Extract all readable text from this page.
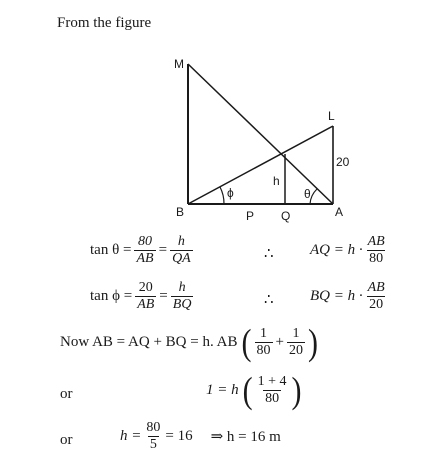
From the figure
M
L
B	P Q	A
h
20
ϕ	θ
$\tan \theta = \frac{80}{AB} = \frac{h}{QA}$	∴ AQ = $h \cdot \frac{AB}{80}$
$\tan \phi = \frac{20}{AB} = \frac{h}{BQ}$	∴ BQ = $h \cdot \frac{AB}{20}$
Now AB = AQ + BQ = h. AB ( $\frac{1}{80} + \frac{1}{20}$ )
or	1 = h ( $\frac{1 + 4}{80}$ )
or	$h = \frac{80}{5} = 16$ ⇒ h = 16 m
